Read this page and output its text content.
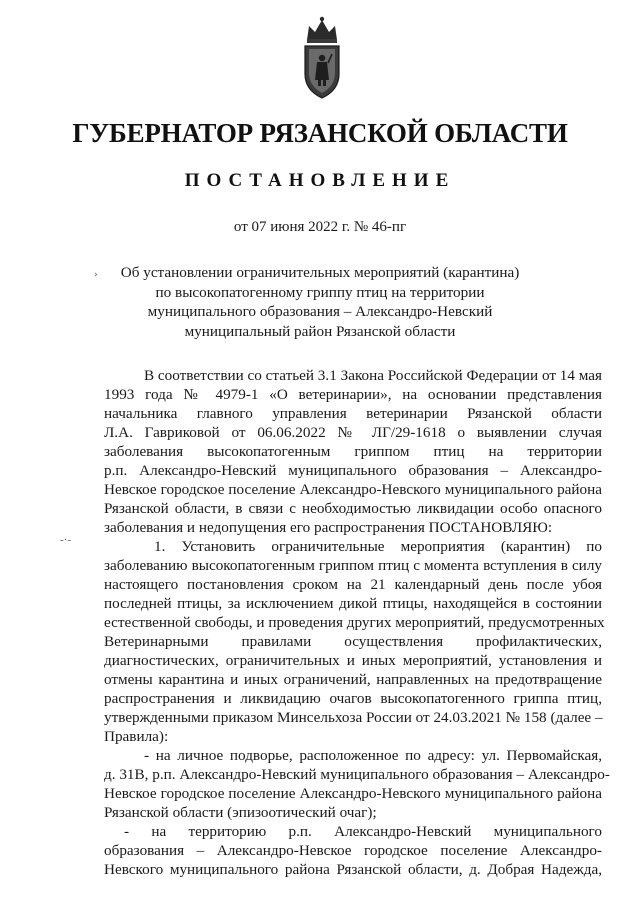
ГУБЕРНАТОР РЯЗАНСКОЙ ОБЛАСТИ
ПОСТАНОВЛЕНИЕ
от 07 июня 2022 г. № 46-пг
Об установлении ограничительных мероприятий (карантина)
по высокопатогенному гриппу птиц на территории
муниципального образования – Александро-Невский
муниципальный район Рязанской области
В соответствии со статьей 3.1 Закона Российской Федерации от 14 мая
1993 года № 4979-1 «О ветеринарии», на основании представления
начальника главного управления ветеринарии Рязанской области
Л.А. Гавриковой от 06.06.2022 № ЛГ/29-1618 о выявлении случая
заболевания высокопатогенным гриппом птиц на территории
р.п. Александро-Невский муниципального образования – Александро-
Невское городское поселение Александро-Невского муниципального района
Рязанской области, в связи с необходимостью ликвидации особо опасного
заболевания и недопущения его распространения ПОСТАНОВЛЯЮ:
1. Установить ограничительные мероприятия (карантин) по
заболеванию высокопатогенным гриппом птиц с момента вступления в силу
настоящего постановления сроком на 21 календарный день после убоя
последней птицы, за исключением дикой птицы, находящейся в состоянии
естественной свободы, и проведения других мероприятий, предусмотренных
Ветеринарными правилами осуществления профилактических,
диагностических, ограничительных и иных мероприятий, установления и
отмены карантина и иных ограничений, направленных на предотвращение
распространения и ликвидацию очагов высокопатогенного гриппа птиц,
утвержденными приказом Минсельхоза России от 24.03.2021 № 158 (далее –
Правила):
- на личное подворье, расположенное по адресу: ул. Первомайская,
д. 31В, р.п. Александро-Невский муниципального образования – Александро-
Невское городское поселение Александро-Невского муниципального района
Рязанской области (эпизоотический очаг);
- на территорию р.п. Александро-Невский муниципального
образования – Александро-Невское городское поселение Александро-
Невского муниципального района Рязанской области, д. Добрая Надежда,
›
-·-
